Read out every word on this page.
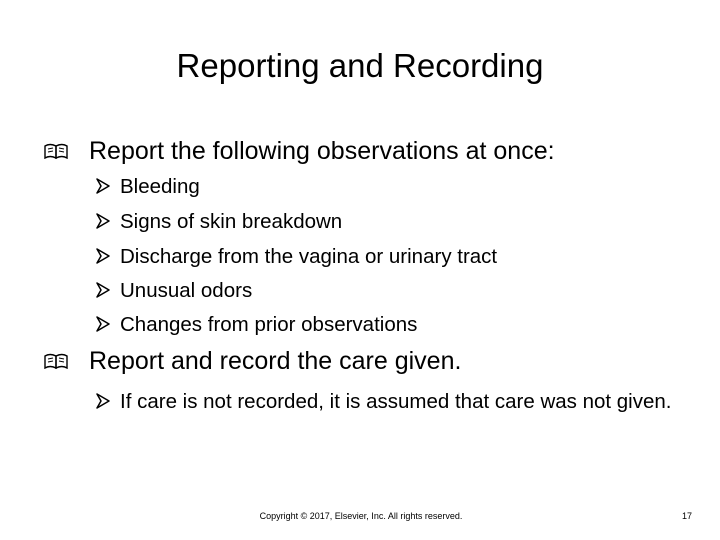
Reporting and Recording
Report the following observations at once:
Bleeding
Signs of skin breakdown
Discharge from the vagina or urinary tract
Unusual odors
Changes from prior observations
Report and record the care given.
If care is not recorded, it is assumed that care was not given.
Copyright © 2017, Elsevier, Inc. All rights reserved.	17
